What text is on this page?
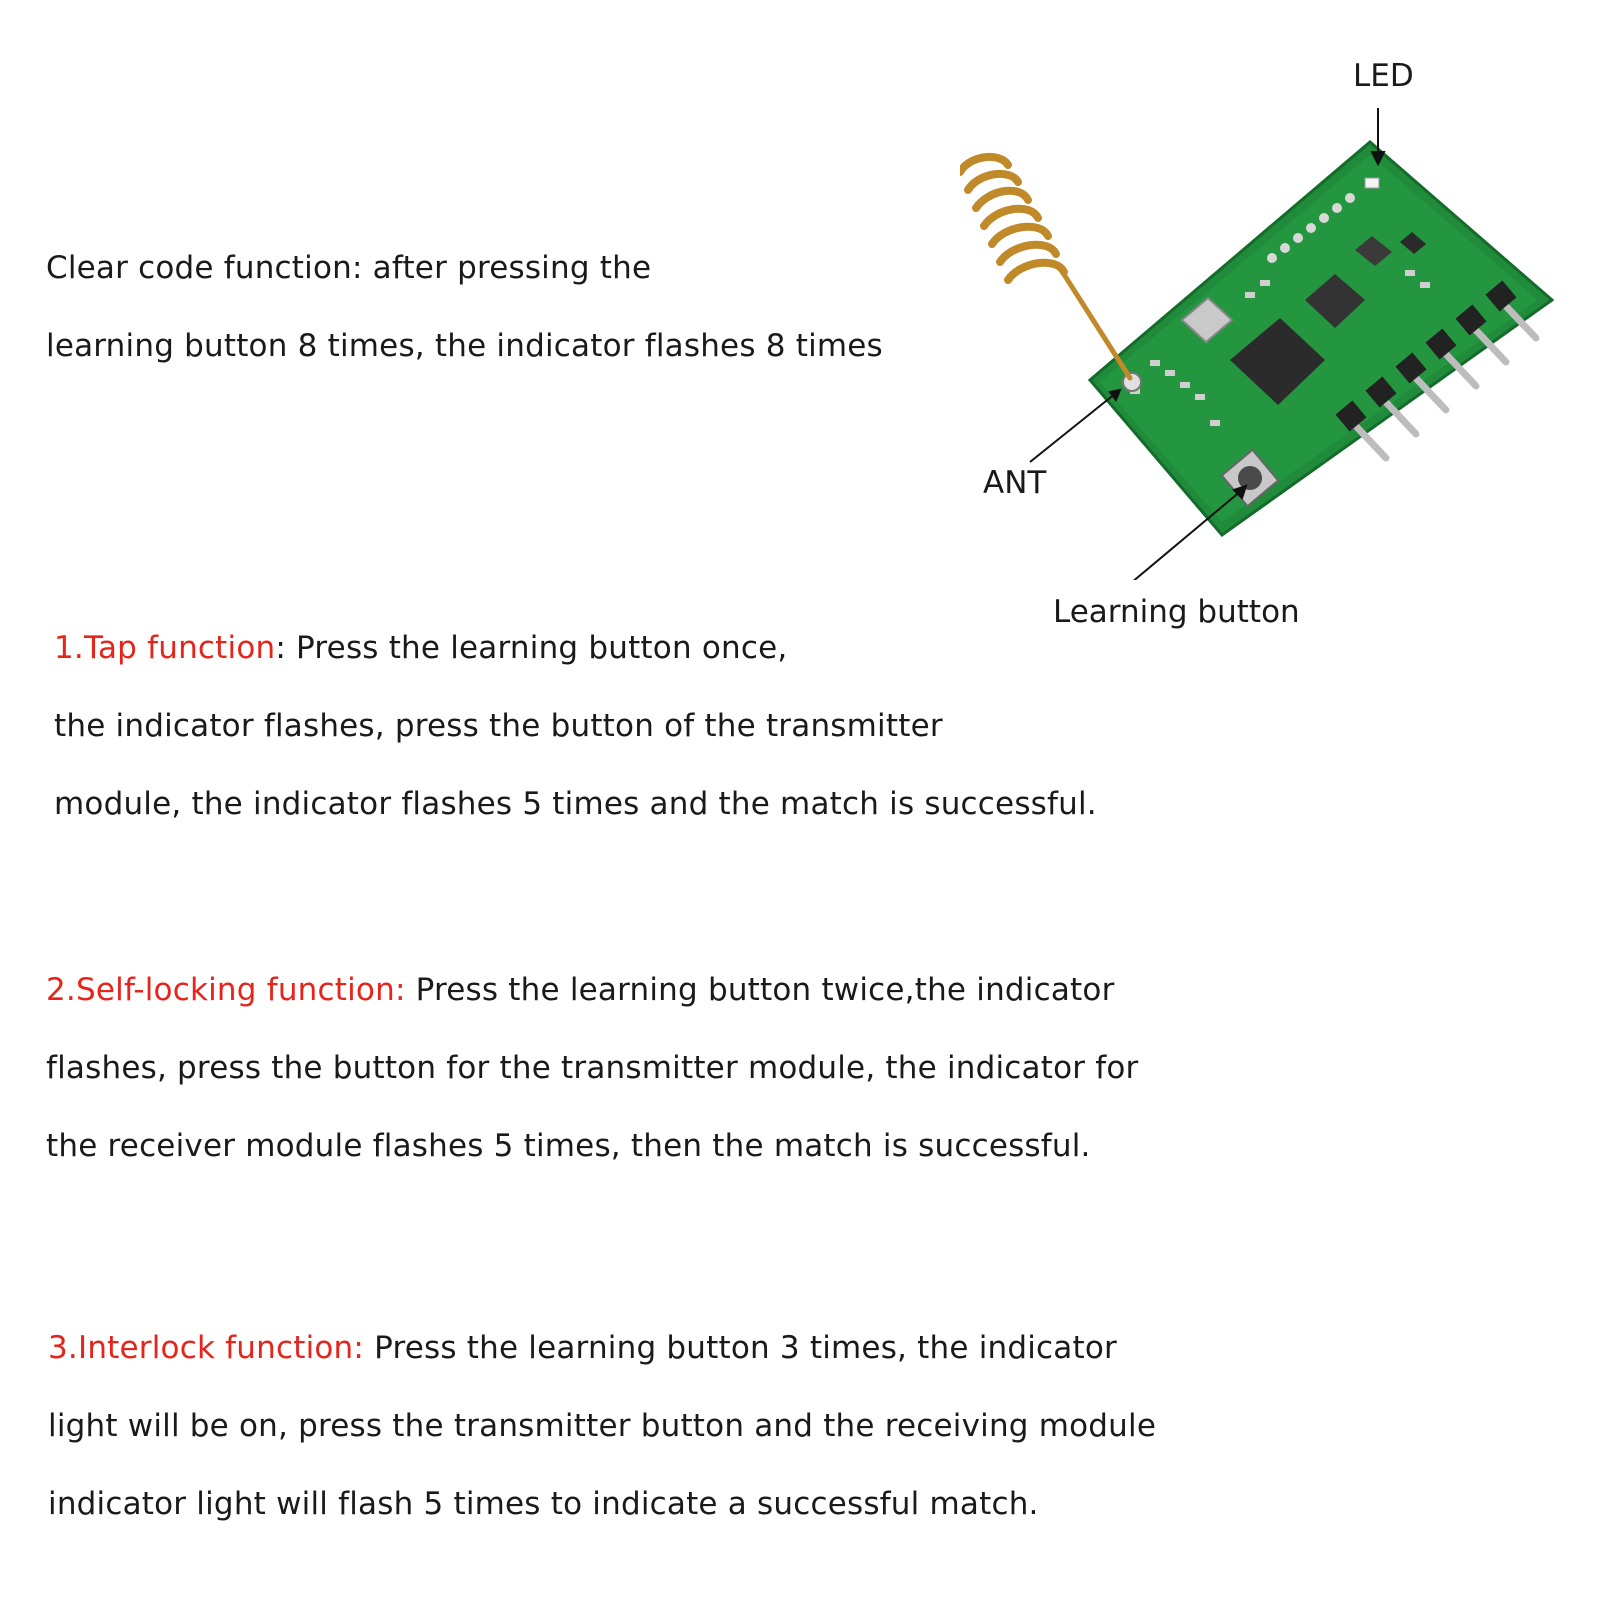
Clear code function: after pressing the
learning button 8 times, the indicator flashes 8 times
LED
ANT
Learning button
1.Tap function: Press the learning button once,
the indicator flashes, press the button of the transmitter
module, the indicator flashes 5 times and the match is successful.
2.Self-locking function: Press the learning button twice,the indicator
flashes, press the button for the transmitter module, the indicator for
the receiver module flashes 5 times, then the match is successful.
3.Interlock function: Press the learning button 3 times, the indicator
light will be on, press the transmitter button and the receiving module
indicator light will flash 5 times to indicate a successful match.
